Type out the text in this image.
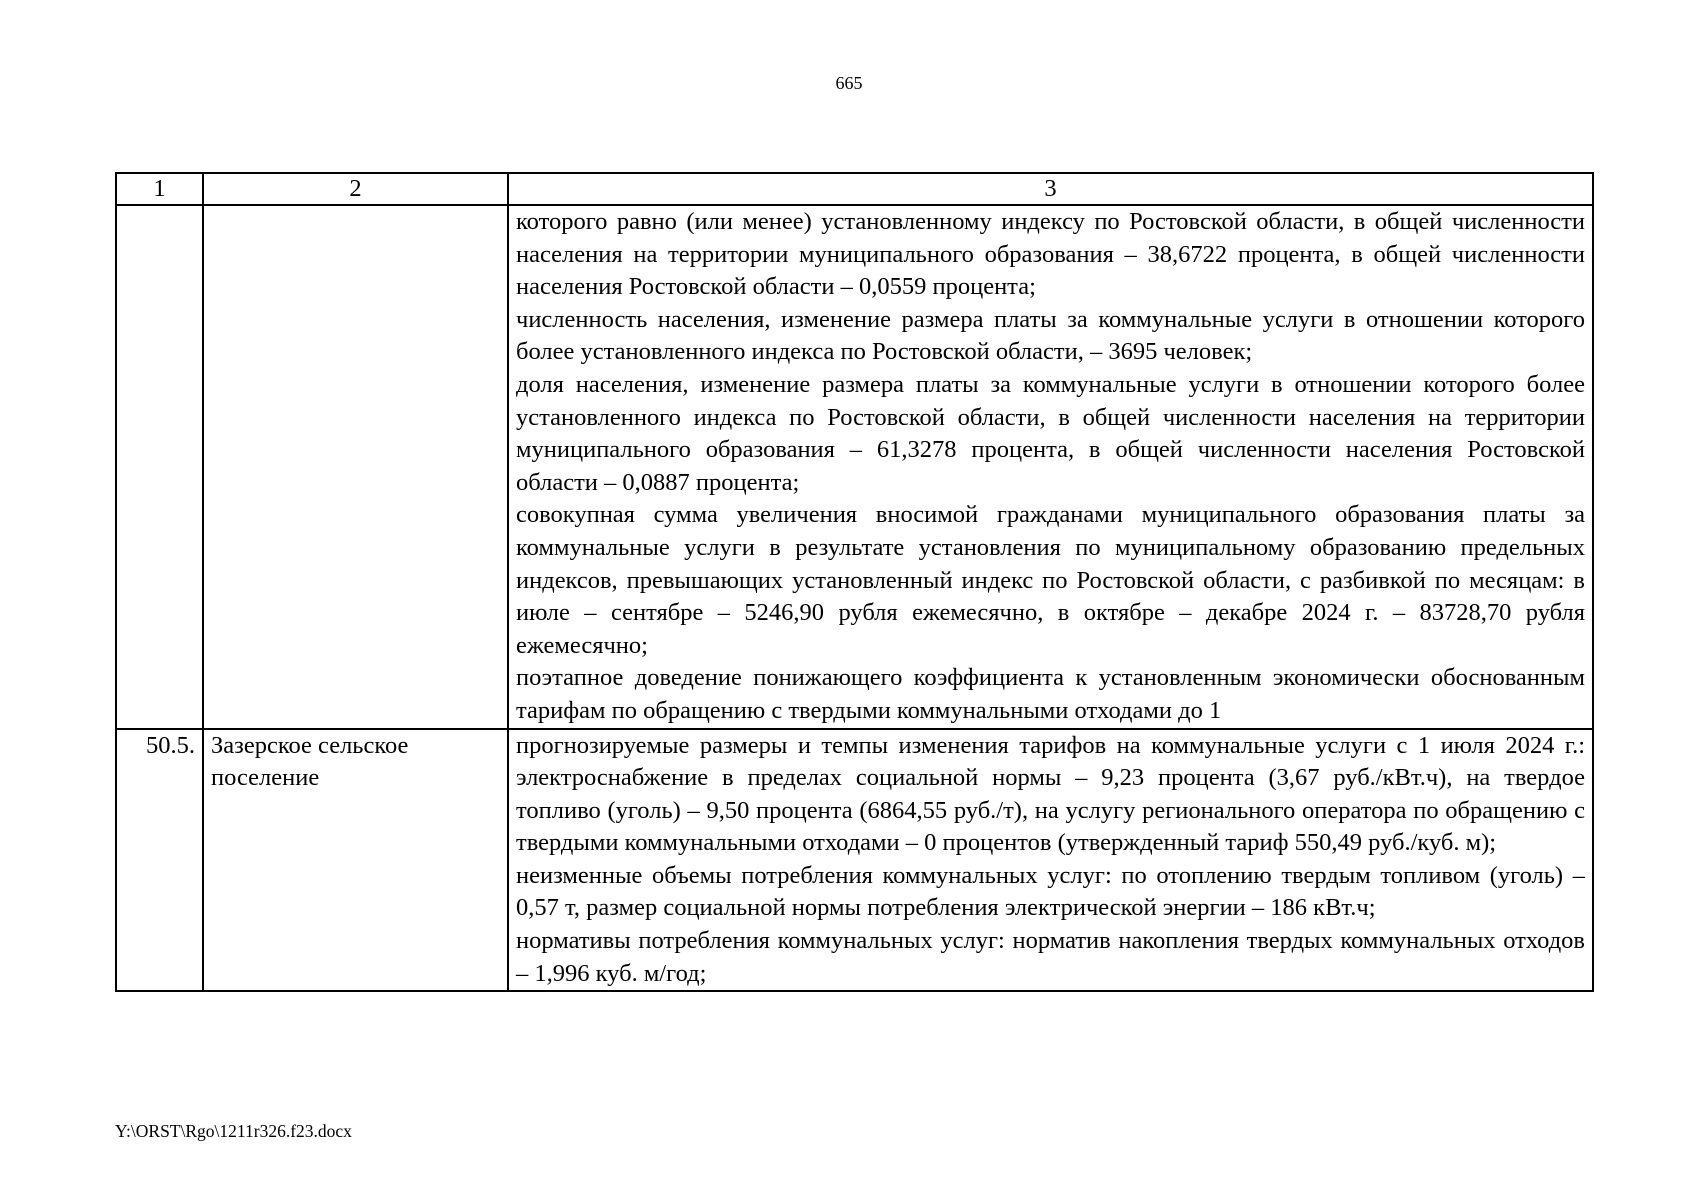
665
1	2	3

		которого равно (или менее) установленному индексу по Ростовской области, в общей численности населения на территории муниципального образования – 38,6722 процента, в общей численности населения Ростовской области – 0,0559 процента;

численность населения, изменение размера платы за коммунальные услуги в отношении которого более установленного индекса по Ростовской области, – 3695 человек;

доля населения, изменение размера платы за коммунальные услуги в отношении которого более установленного индекса по Ростовской области, в общей численности населения на территории муниципального образования – 61,3278 процента, в общей численности населения Ростовской области – 0,0887 процента;

совокупная сумма увеличения вносимой гражданами муниципального образования платы за коммунальные услуги в результате установления по муниципальному образованию предельных индексов, превышающих установленный индекс по Ростовской области, с разбивкой по месяцам: в июле – сентябре – 5246,90 рубля ежемесячно, в октябре – декабре 2024 г. – 83728,70 рубля ежемесячно;

поэтапное доведение понижающего коэффициента к установленным экономически обоснованным тарифам по обращению с твердыми коммунальными отходами до 1

50.5.	Зазерское сельское поселение	прогнозируемые размеры и темпы изменения тарифов на коммунальные услуги с 1 июля 2024 г.: электроснабжение в пределах социальной нормы – 9,23 процента (3,67 руб./кВт.ч), на твердое топливо (уголь) – 9,50 процента (6864,55 руб./т), на услугу регионального оператора по обращению с твердыми коммунальными отходами – 0 процентов (утвержденный тариф 550,49 руб./куб. м);

неизменные объемы потребления коммунальных услуг: по отоплению твердым топливом (уголь) – 0,57 т, размер социальной нормы потребления электрической энергии – 186 кВт.ч;

нормативы потребления коммунальных услуг: норматив накопления твердых коммунальных отходов – 1,996 куб. м/год;

Y:\ORST\Rgo\1211r326.f23.docx
